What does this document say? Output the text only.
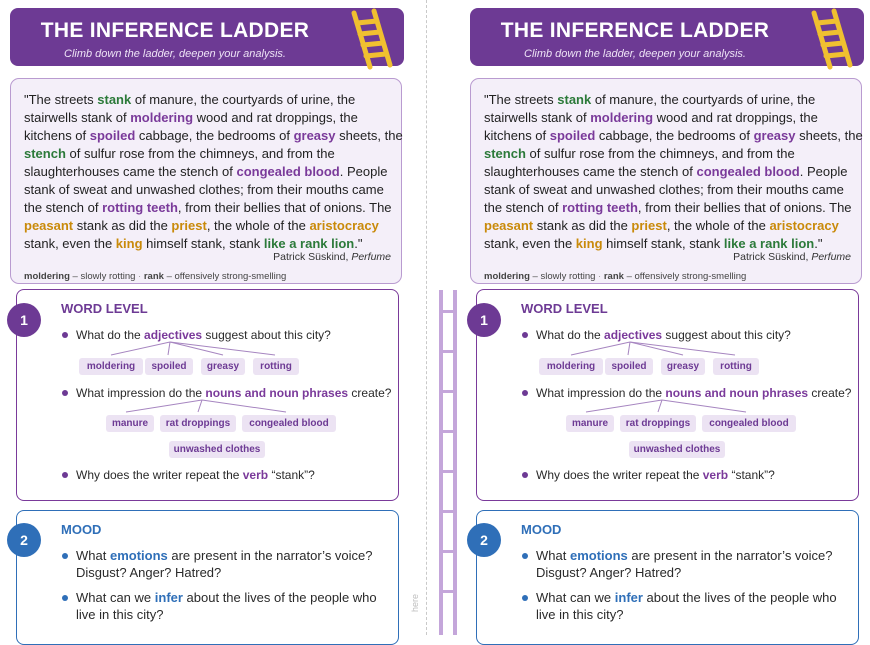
here
THE INFERENCE LADDER
Climb down the ladder, deepen your analysis.
"The streets stank of manure, the courtyards of urine, the stairwells stank of moldering wood and rat droppings, the kitchens of spoiled cabbage, the bedrooms of greasy sheets, the stench of sulfur rose from the chimneys, and from the slaughterhouses came the stench of congealed blood. People stank of sweat and unwashed clothes; from their mouths came the stench of rotting teeth, from their bellies that of onions. The peasant stank as did the priest, the whole of the aristocracy stank, even the king himself stank, stank like a rank lion."
Patrick Süskind, Perfume
moldering – slowly rotting · rank – offensively strong-smelling
WORD LEVEL
What do the adjectives suggest about this city?
moldering	spoiled	greasy	rotting
What impression do the nouns and noun phrases create?
manure	rat droppings	congealed blood
unwashed clothes
Why does the writer repeat the verb “stank”?
1
MOOD
What emotions are present in the narrator’s voice? Disgust? Anger? Hatred?
What can we infer about the lives of the people who live in this city?
2
THE INFERENCE LADDER
Climb down the ladder, deepen your analysis.
"The streets stank of manure, the courtyards of urine, the stairwells stank of moldering wood and rat droppings, the kitchens of spoiled cabbage, the bedrooms of greasy sheets, the stench of sulfur rose from the chimneys, and from the slaughterhouses came the stench of congealed blood. People stank of sweat and unwashed clothes; from their mouths came the stench of rotting teeth, from their bellies that of onions. The peasant stank as did the priest, the whole of the aristocracy stank, even the king himself stank, stank like a rank lion."
Patrick Süskind, Perfume
moldering – slowly rotting · rank – offensively strong-smelling
WORD LEVEL
What do the adjectives suggest about this city?
moldering	spoiled	greasy	rotting
What impression do the nouns and noun phrases create?
manure	rat droppings	congealed blood
unwashed clothes
Why does the writer repeat the verb “stank”?
1
MOOD
What emotions are present in the narrator’s voice? Disgust? Anger? Hatred?
What can we infer about the lives of the people who live in this city?
2
